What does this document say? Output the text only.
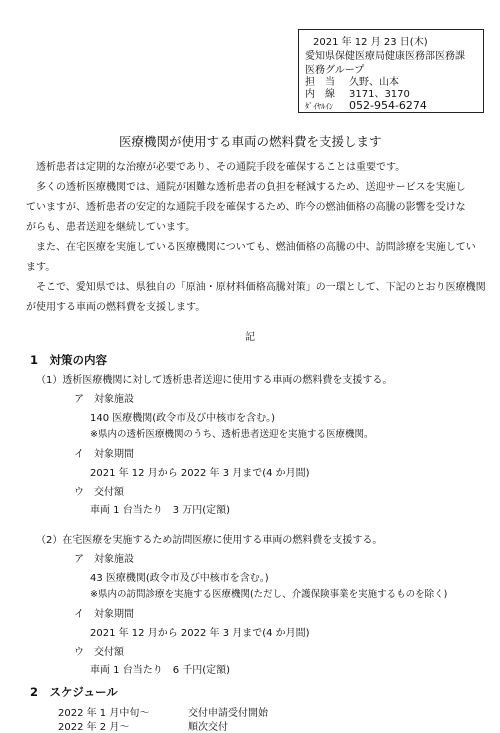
2021 年 12 月 23 日(木)
愛知県保健医療局健康医務部医務課
医務グループ
担　当 久野、山本
内　線 3171、3170
ﾀﾞｲﾔﾙｲﾝ 052-954-6274
医療機関が使用する車両の燃料費を支援します
透析患者は定期的な治療が必要であり、その通院手段を確保することは重要です。
多くの透析医療機関では、通院が困難な透析患者の負担を軽減するため、送迎サービスを実施し
ていますが、透析患者の安定的な通院手段を確保するため、昨今の燃油価格の高騰の影響を受けな
がらも、患者送迎を継続しています。
また、在宅医療を実施している医療機関についても、燃油価格の高騰の中、訪問診療を実施してい
ます。
そこで、愛知県では、県独自の「原油・原材料価格高騰対策」の一環として、下記のとおり医療機関
が使用する車両の燃料費を支援します。
記
1　対策の内容
（1）透析医療機関に対して透析患者送迎に使用する車両の燃料費を支援する。
ア　対象施設
140 医療機関(政令市及び中核市を含む。)
※県内の透析医療機関のうち、透析患者送迎を実施する医療機関。
イ　対象期間
2021 年 12 月から 2022 年 3 月まで(4 か月間)
ウ　交付額
車両 1 台当たり　3 万円(定額)
（2）在宅医療を実施するため訪問医療に使用する車両の燃料費を支援する。
ア　対象施設
43 医療機関(政令市及び中核市を含む。)
※県内の訪問診療を実施する医療機関(ただし、介護保険事業を実施するものを除く)
イ　対象期間
2021 年 12 月から 2022 年 3 月まで(4 か月間)
ウ　交付額
車両 1 台当たり　6 千円(定額)
2　スケジュール
2022 年 1 月中旬～	交付申請受付開始
2022 年 2 月～	順次交付
